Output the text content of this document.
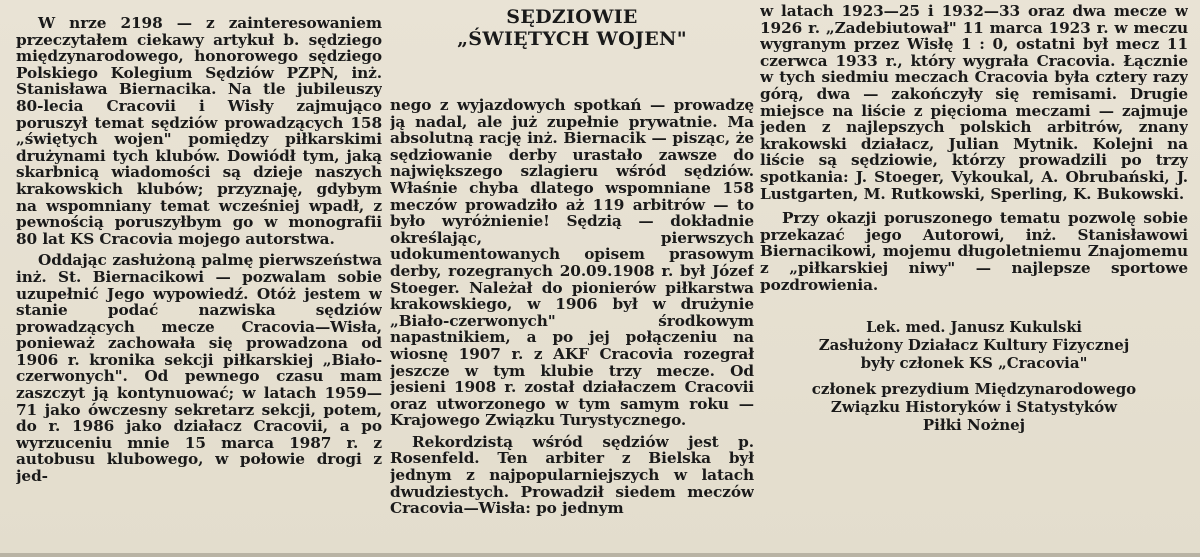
W nrze 2198 — z zainteresowaniem przeczytałem ciekawy artykuł b. sędziego międzynarodowego, honorowego sędziego Polskiego Kolegium Sędziów PZPN, inż. Stanisława Biernacika. Na tle jubileuszy 80-lecia Cracovii i Wisły zajmująco poruszył temat sędziów prowadzących 158 „świętych wojen" pomiędzy piłkarskimi drużynami tych klubów. Dowiódł tym, jaką skarbnicą wiadomości są dzieje naszych krakowskich klubów; przyznaję, gdybym na wspomniany temat wcześniej wpadł, z pewnością poruszyłbym go w monografii 80 lat KS Cracovia mojego autorstwa.

Oddając zasłużoną palmę pierwszeństwa inż. St. Biernacikowi — pozwalam sobie uzupełnić Jego wypowiedź. Otóż jestem w stanie podać nazwiska sędziów prowadzących mecze Cracovia—Wisła, ponieważ zachowała się prowadzona od 1906 r. kronika sekcji piłkarskiej „Biało-czerwonych". Od pewnego czasu mam zaszczyt ją kontynuować; w latach 1959—71 jako ówczesny sekretarz sekcji, potem, do r. 1986 jako działacz Cracovii, a po wyrzuceniu mnie 15 marca 1987 r. z autobusu klubowego, w połowie drogi z jed-

SĘDZIOWIE
„ŚWIĘTYCH WOJEN"

nego z wyjazdowych spotkań — prowadzę ją nadal, ale już zupełnie prywatnie. Ma absolutną rację inż. Biernacik — pisząc, że sędziowanie derby urastało zawsze do największego szlagieru wśród sędziów. Właśnie chyba dlatego wspomniane 158 meczów prowadziło aż 119 arbitrów — to było wyróżnienie! Sędzią — dokładnie określając, pierwszych udokumentowanych opisem prasowym derby, rozegranych 20.09.1908 r. był Józef Stoeger. Należał do pionierów piłkarstwa krakowskiego, w 1906 był w drużynie „Biało-czerwonych" środkowym napastnikiem, a po jej połączeniu na wiosnę 1907 r. z AKF Cracovia rozegrał jeszcze w tym klubie trzy mecze. Od jesieni 1908 r. został działaczem Cracovii oraz utworzonego w tym samym roku — Krajowego Związku Turystycznego.

Rekordzistą wśród sędziów jest p. Rosenfeld. Ten arbiter z Bielska był jednym z najpopularniejszych w latach dwudziestych. Prowadził siedem meczów Cracovia—Wisła: po jednym

w latach 1923—25 i 1932—33 oraz dwa mecze w 1926 r. „Zadebiutował" 11 marca 1923 r. w meczu wygranym przez Wisłę 1 : 0, ostatni był mecz 11 czerwca 1933 r., który wygrała Cracovia. Łącznie w tych siedmiu meczach Cracovia była cztery razy górą, dwa — zakończyły się remisami. Drugie miejsce na liście z pięcioma meczami — zajmuje jeden z najlepszych polskich arbitrów, znany krakowski działacz, Julian Mytnik. Kolejni na liście są sędziowie, którzy prowadzili po trzy spotkania: J. Stoeger, Vykoukal, A. Obrubański, J. Lustgarten, M. Rutkowski, Sperling, K. Bukowski.

Przy okazji poruszonego tematu pozwolę sobie przekazać jego Autorowi, inż. Stanisławowi Biernacikowi, mojemu długoletniemu Znajomemu z „piłkarskiej niwy" — najlepsze sportowe pozdrowienia.

Lek. med. Janusz Kukulski
Zasłużony Działacz Kultury Fizycznej
były członek KS „Cracovia"
członek prezydium Międzynarodowego
Związku Historyków i Statystyków
Piłki Nożnej
